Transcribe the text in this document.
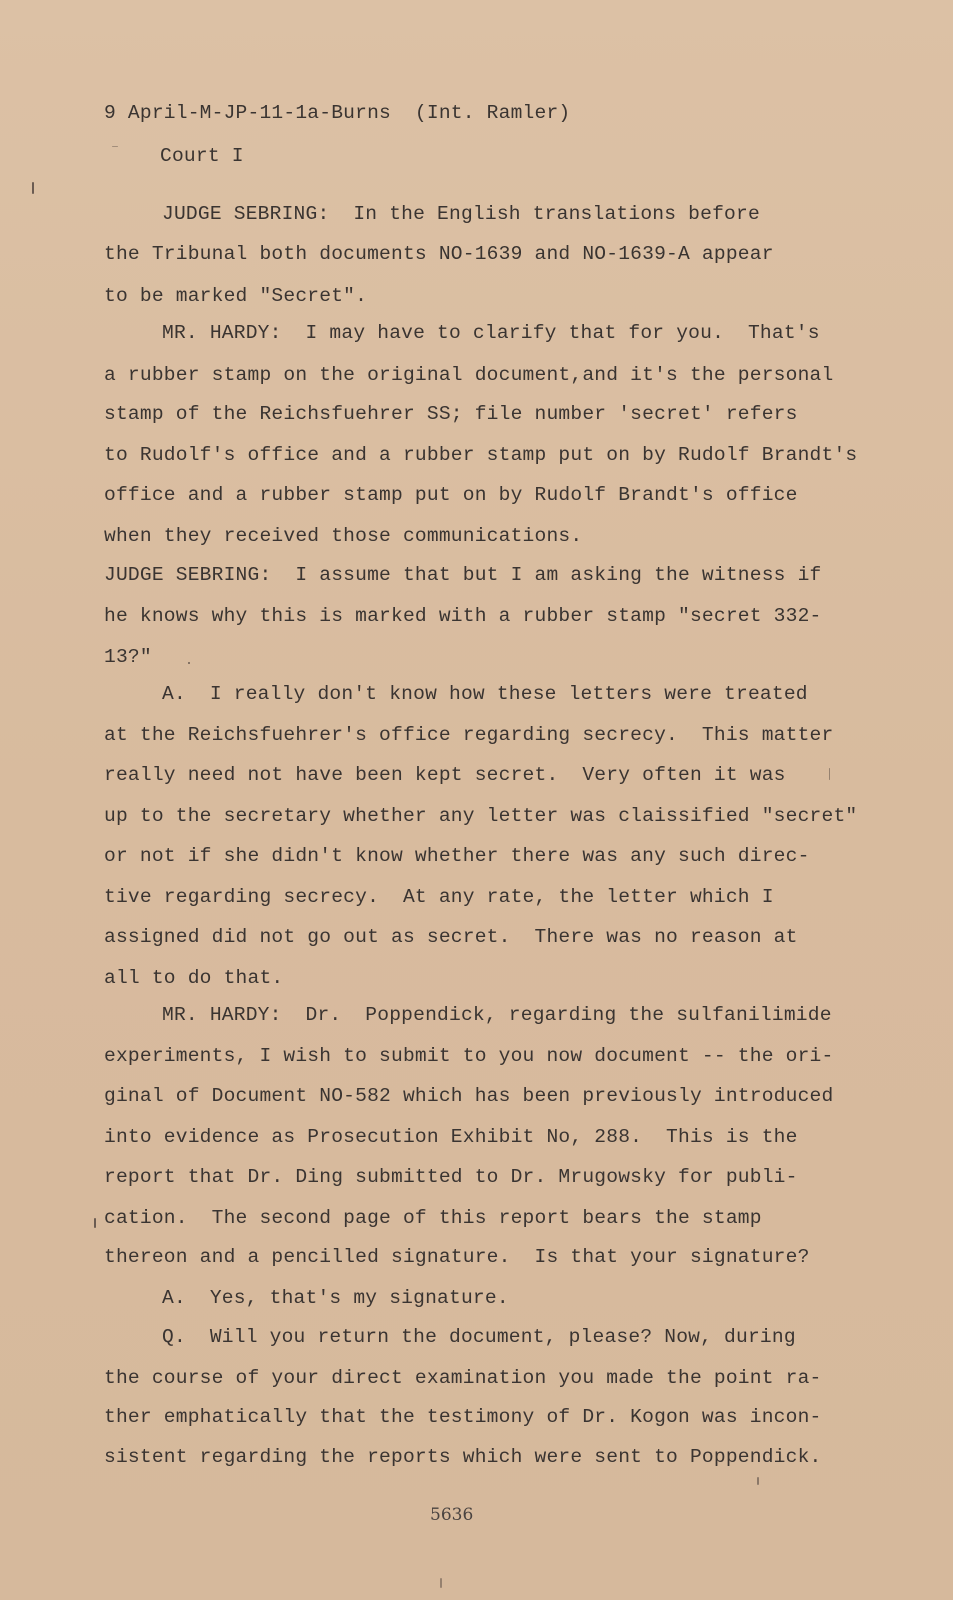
9 April-M-JP-11-1a-Burns  (Int. Ramler)
Court I
JUDGE SEBRING:  In the English translations before
the Tribunal both documents NO-1639 and NO-1639-A appear
to be marked "Secret".
MR. HARDY:  I may have to clarify that for you.  That's
a rubber stamp on the original document,and it's the personal
stamp of the Reichsfuehrer SS; file number 'secret' refers
to Rudolf's office and a rubber stamp put on by Rudolf Brandt's
office and a rubber stamp put on by Rudolf Brandt's office
when they received those communications.
JUDGE SEBRING:  I assume that but I am asking the witness if
he knows why this is marked with a rubber stamp "secret 332-
13?"
A.  I really don't know how these letters were treated
at the Reichsfuehrer's office regarding secrecy.  This matter
really need not have been kept secret.  Very often it was
up to the secretary whether any letter was claissified "secret"
or not if she didn't know whether there was any such direc-
tive regarding secrecy.  At any rate, the letter which I
assigned did not go out as secret.  There was no reason at
all to do that.
MR. HARDY:  Dr.  Poppendick, regarding the sulfanilimide
experiments, I wish to submit to you now document -- the ori-
ginal of Document NO-582 which has been previously introduced
into evidence as Prosecution Exhibit No, 288.  This is the
report that Dr. Ding submitted to Dr. Mrugowsky for publi-
cation.  The second page of this report bears the stamp
thereon and a pencilled signature.  Is that your signature?
A.  Yes, that's my signature.
Q.  Will you return the document, please? Now, during
the course of your direct examination you made the point ra-
ther emphatically that the testimony of Dr. Kogon was incon-
sistent regarding the reports which were sent to Poppendick.
5636
